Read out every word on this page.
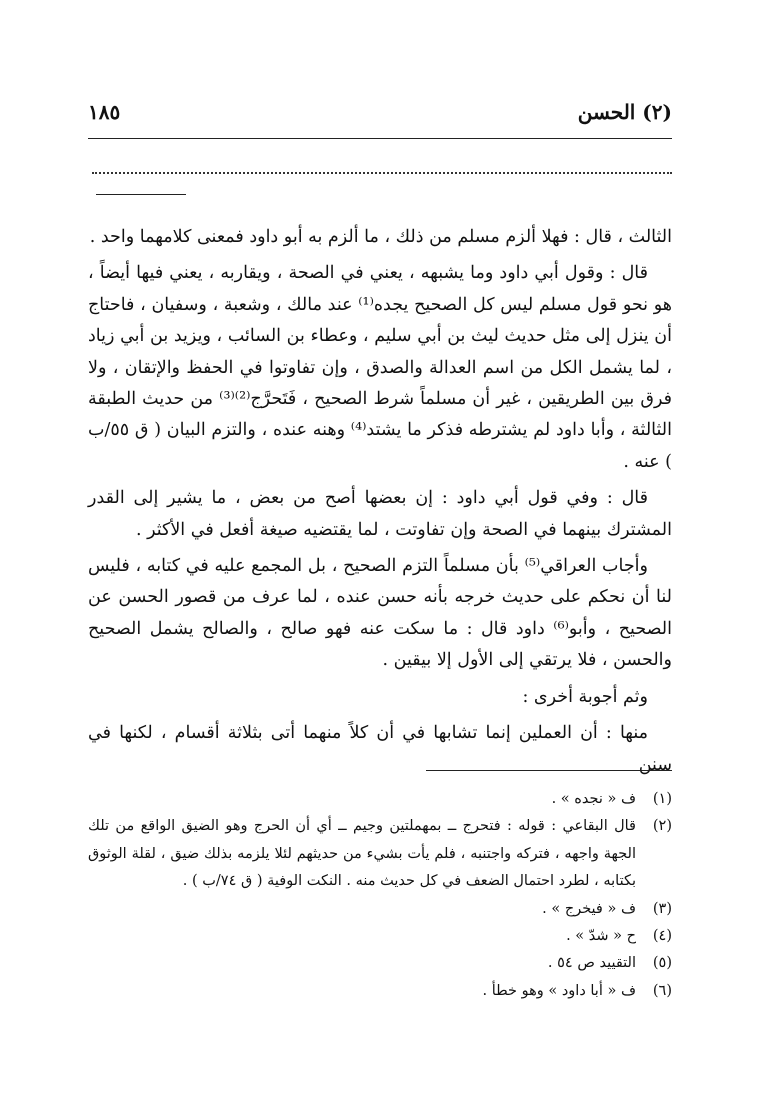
(٢) الحسن
١٨٥

الثالث ، قال : فهلا ألزم مسلم من ذلك ، ما ألزم به أبو داود فمعنى كلامهما واحد .

قال : وقول أبي داود وما يشبهه ، يعني في الصحة ، ويقاربه ، يعني فيها أيضاً ، هو نحو قول مسلم ليس كل الصحيح يجده⁽¹⁾ عند مالك ، وشعبة ، وسفيان ، فاحتاج أن ينزل إلى مثل حديث ليث بن أبي سليم ، وعطاء بن السائب ، ويزيد بن أبي زياد ، لما يشمل الكل من اسم العدالة والصدق ، وإن تفاوتوا في الحفظ والإتقان ، ولا فرق بين الطريقين ، غير أن مسلماً شرط الصحيح ، فَتَحرَّج⁽²⁾⁽³⁾ من حديث الطبقة الثالثة ، وأبا داود لم يشترطه فذكر ما يشتد⁽⁴⁾ وهنه عنده ، والتزم البيان ( ق ٥٥/ب ) عنه .

قال : وفي قول أبي داود : إن بعضها أصح من بعض ، ما يشير إلى القدر المشترك بينهما في الصحة وإن تفاوتت ، لما يقتضيه صيغة أفعل في الأكثر .

وأجاب العراقي⁽⁵⁾ بأن مسلماً التزم الصحيح ، بل المجمع عليه في كتابه ، فليس لنا أن نحكم على حديث خرجه بأنه حسن عنده ، لما عرف من قصور الحسن عن الصحيح ، وأبو⁽⁶⁾ داود قال : ما سكت عنه فهو صالح ، والصالح يشمل الصحيح والحسن ، فلا يرتقي إلى الأول إلا بيقين .

وثم أجوبة أخرى :

منها : أن العملين إنما تشابها في أن كلاً منهما أتى بثلاثة أقسام ، لكنها في سنن

(١)
ف « نجده » .
(٢)
قال البقاعي : قوله : فتحرج ــ بمهملتين وجيم ــ أي أن الحرج وهو الضيق الواقع من تلك الجهة واجهه ، فتركه واجتنبه ، فلم يأت بشيء من حديثهم لئلا يلزمه بذلك ضيق ، لقلة الوثوق بكتابه ، لطرد احتمال الضعف في كل حديث منه . النكت الوفية ( ق ٧٤/ب ) .
(٣)
ف « فيخرج » .
(٤)
ح « شدّ » .
(٥)
التقييد ص ٥٤ .
(٦)
ف « أبا داود » وهو خطأ .
